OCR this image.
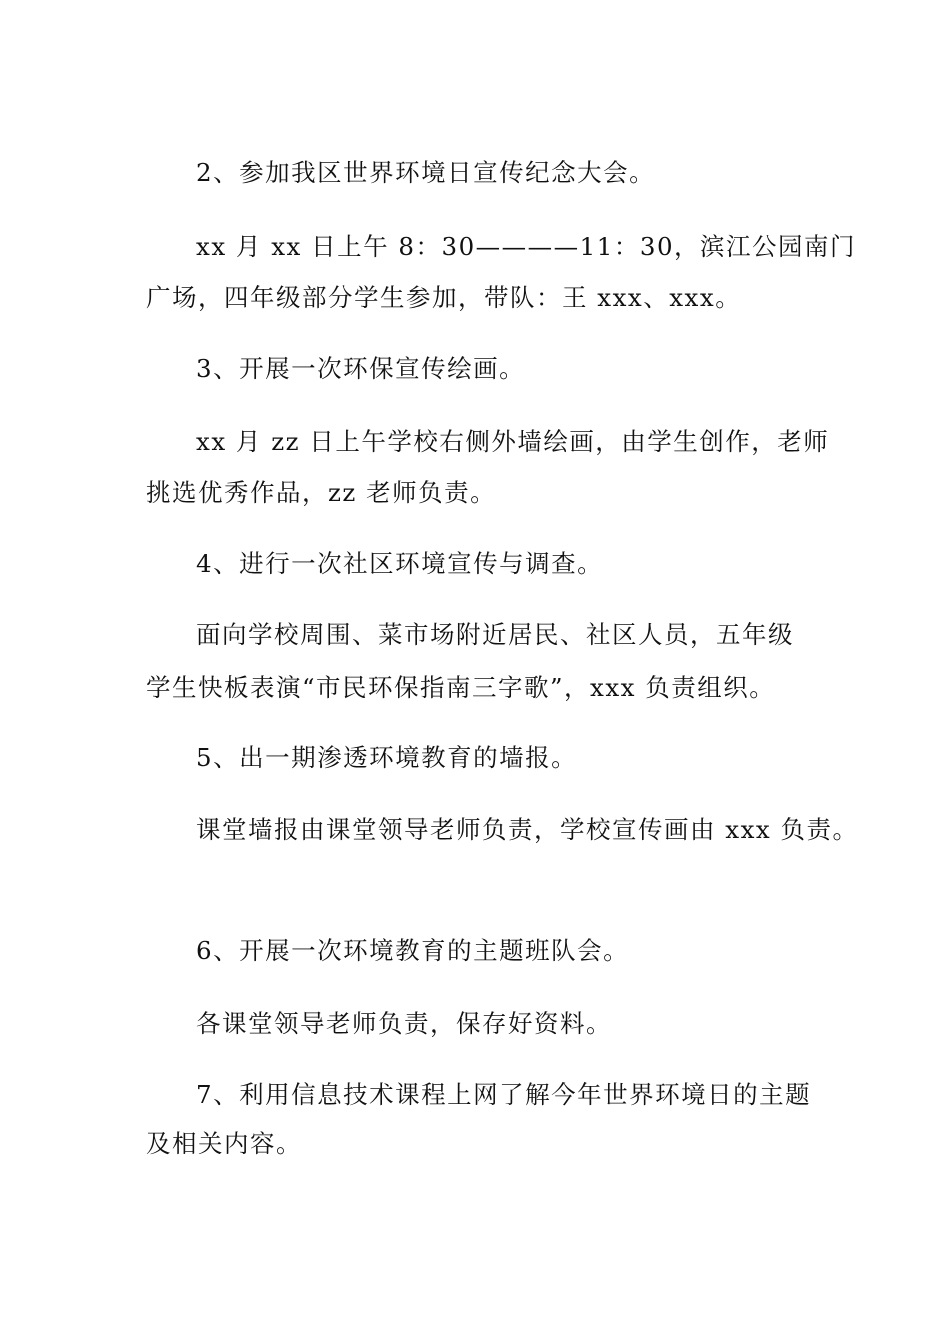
2、参加我区世界环境日宣传纪念大会。
xx 月 xx 日上午 8：30————11：30，滨江公园南门
广场，四年级部分学生参加，带队：王 xxx、xxx。
3、开展一次环保宣传绘画。
xx 月 zz 日上午学校右侧外墙绘画，由学生创作，老师
挑选优秀作品，zz 老师负责。
4、进行一次社区环境宣传与调查。
面向学校周围、菜市场附近居民、社区人员，五年级
学生快板表演“市民环保指南三字歌”，xxx 负责组织。
5、出一期渗透环境教育的墙报。
课堂墙报由课堂领导老师负责，学校宣传画由 xxx 负责。
6、开展一次环境教育的主题班队会。
各课堂领导老师负责，保存好资料。
7、利用信息技术课程上网了解今年世界环境日的主题
及相关内容。
